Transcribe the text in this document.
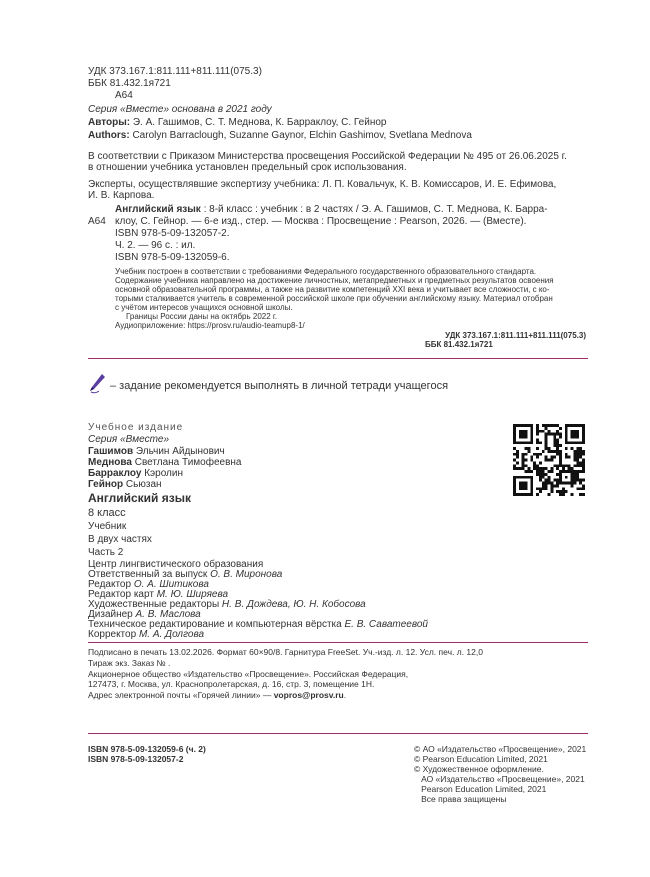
УДК 373.167.1:811.111+811.111(075.3)
ББК 81.432.1я721
А64
Серия «Вместе» основана в 2021 году
Авторы: Э. А. Гашимов, С. Т. Меднова, К. Барраклоу, С. Гейнор
Authors: Carolyn Barraclough, Suzanne Gaynor, Elchin Gashimov, Svetlana Mednova
В соответствии с Приказом Министерства просвещения Российской Федерации № 495 от 26.06.2025 г.
в отношении учебника установлен предельный срок использования.
Эксперты, осуществлявшие экспертизу учебника: Л. П. Ковальчук, К. В. Комиссаров, И. Е. Ефимова,
И. В. Карпова.
Английский язык : 8-й класс : учебник : в 2 частях / Э. А. Гашимов, С. Т. Меднова, К. Барра-
А64 клоу, С. Гейнор. — 6-е изд., стер. — Москва : Просвещение : Pearson, 2026. — (Вместе).
ISBN 978-5-09-132057-2.
Ч. 2. — 96 с. : ил.
ISBN 978-5-09-132059-6.
Учебник построен в соответствии с требованиями Федерального государственного образовательного стандарта.
Содержание учебника направлено на достижение личностных, метапредметных и предметных результатов освоения
основной образовательной программы, а также на развитие компетенций XXI века и учитывает все сложности, с ко-
торыми сталкивается учитель в современной российской школе при обучении английскому языку. Материал отобран
с учётом интересов учащихся основной школы.
Границы России даны на октябрь 2022 г.
Аудиоприложение: https://prosv.ru/audio-teamup8-1/
УДК 373.167.1:811.111+811.111(075.3)
ББК 81.432.1я721
– задание рекомендуется выполнять в личной тетради учащегося
Учебное издание
Серия «Вместе»
Гашимов Эльчин Айдынович
Меднова Светлана Тимофеевна
Барраклоу Кэролин
Гейнор Сьюзан
Английский язык
8 класс
Учебник
В двух частях
Часть 2
Центр лингвистического образования
Ответственный за выпуск О. В. Миронова
Редактор О. А. Шитикова
Редактор карт М. Ю. Ширяева
Художественные редакторы Н. В. Дождева, Ю. Н. Кобосова
Дизайнер А. В. Маслова
Техническое редактирование и компьютерная вёрстка Е. В. Саватеевой
Корректор М. А. Долгова
Подписано в печать 13.02.2026. Формат 60×90/8. Гарнитура FreeSet. Уч.-изд. л. 12. Усл. печ. л. 12,0
Тираж экз. Заказ № .
Акционерное общество «Издательство «Просвещение». Российская Федерация,
127473, г. Москва, ул. Краснопролетарская, д. 16, стр. 3, помещение 1Н.
Адрес электронной почты «Горячей линии» — vopros@prosv.ru.
ISBN 978-5-09-132059-6 (ч. 2)
ISBN 978-5-09-132057-2
© АО «Издательство «Просвещение», 2021
© Pearson Education Limited, 2021
© Художественное оформление.
АО «Издательство «Просвещение», 2021
Pearson Education Limited, 2021
Все права защищены
